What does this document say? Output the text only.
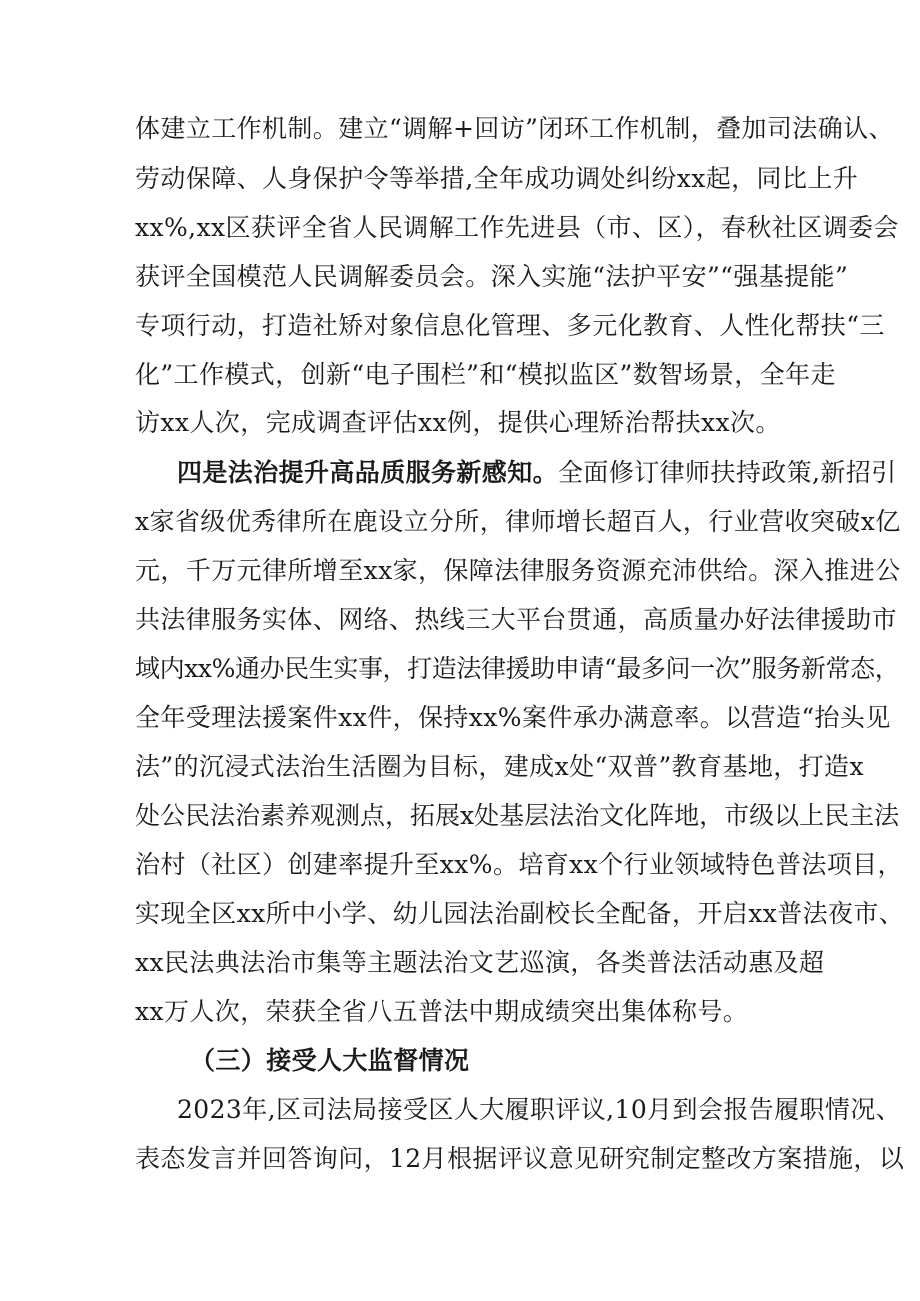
体建立工作机制。建立“调解+回访”闭环工作机制，叠加司法确认、

劳动保障、人身保护令等举措,全年成功调处纠纷xx起，同比上升

xx%,xx区获评全省人民调解工作先进县（市、区），春秋社区调委会

获评全国模范人民调解委员会。深入实施“法护平安”“强基提能”

专项行动，打造社矫对象信息化管理、多元化教育、人性化帮扶“三

化”工作模式，创新“电子围栏”和“模拟监区”数智场景，全年走

访xx人次，完成调查评估xx例，提供心理矫治帮扶xx次。

四是法治提升高品质服务新感知。全面修订律师扶持政策,新招引

x家省级优秀律所在鹿设立分所，律师增长超百人，行业营收突破x亿

元，千万元律所增至xx家，保障法律服务资源充沛供给。深入推进公

共法律服务实体、网络、热线三大平台贯通，高质量办好法律援助市

域内xx%通办民生实事，打造法律援助申请“最多问一次”服务新常态，

全年受理法援案件xx件，保持xx%案件承办满意率。以营造“抬头见

法”的沉浸式法治生活圈为目标，建成x处“双普”教育基地，打造x

处公民法治素养观测点，拓展x处基层法治文化阵地，市级以上民主法

治村（社区）创建率提升至xx%。培育xx个行业领域特色普法项目，

实现全区xx所中小学、幼儿园法治副校长全配备，开启xx普法夜市、

xx民法典法治市集等主题法治文艺巡演，各类普法活动惠及超

xx万人次，荣获全省八五普法中期成绩突出集体称号。

（三）接受人大监督情况

2023年,区司法局接受区人大履职评议,10月到会报告履职情况、

表态发言并回答询问，12月根据评议意见研究制定整改方案措施，以
